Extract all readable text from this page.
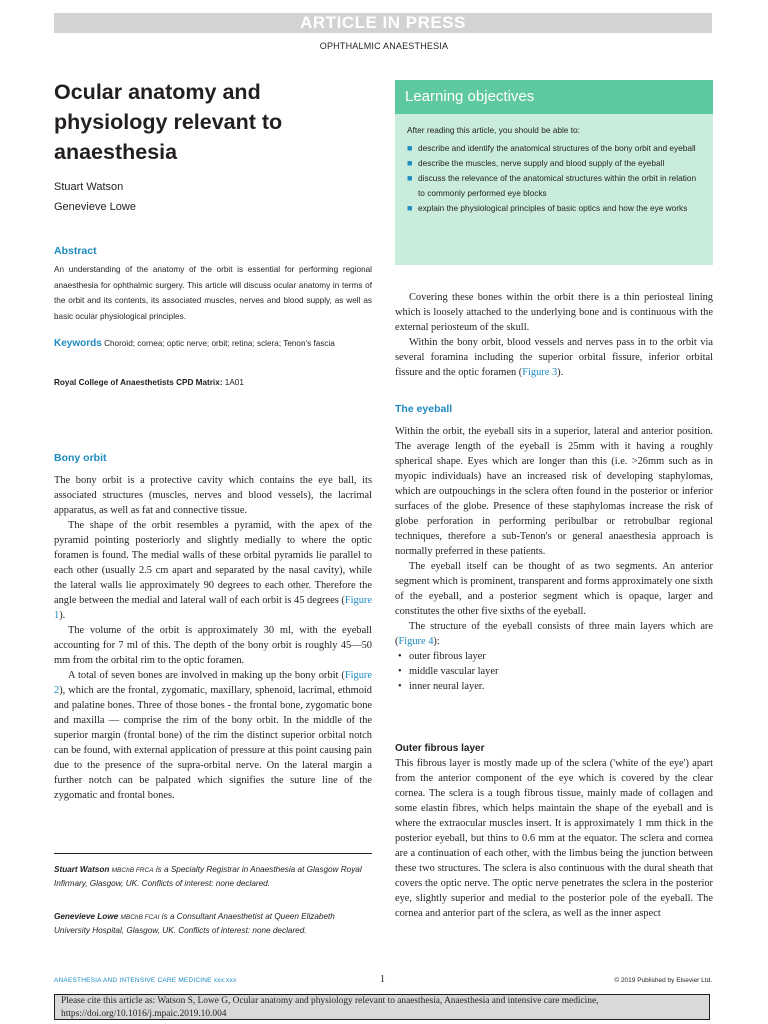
ARTICLE IN PRESS
OPHTHALMIC ANAESTHESIA
Ocular anatomy and physiology relevant to anaesthesia
Stuart Watson
Genevieve Lowe
Abstract
An understanding of the anatomy of the orbit is essential for performing regional anaesthesia for ophthalmic surgery. This article will discuss ocular anatomy in terms of the orbit and its contents, its associated muscles, nerves and blood supply, as well as basic ocular physiological principles.
Keywords Choroid; cornea; optic nerve; orbit; retina; sclera; Tenon's fascia
Royal College of Anaesthetists CPD Matrix: 1A01
Learning objectives
After reading this article, you should be able to:
■ describe and identify the anatomical structures of the bony orbit and eyeball
■ describe the muscles, nerve supply and blood supply of the eyeball
■ discuss the relevance of the anatomical structures within the orbit in relation to commonly performed eye blocks
■ explain the physiological principles of basic optics and how the eye works
Bony orbit

The bony orbit is a protective cavity which contains the eye ball, its associated structures (muscles, nerves and blood vessels), the lacrimal apparatus, as well as fat and connective tissue.

The shape of the orbit resembles a pyramid, with the apex of the pyramid pointing posteriorly and slightly medially to where the optic foramen is found. The medial walls of these orbital pyramids lie parallel to each other (usually 2.5 cm apart and separated by the nasal cavity), while the lateral walls lie approximately 90 degrees to each other. Therefore the angle between the medial and lateral wall of each orbit is 45 degrees (Figure 1).

The volume of the orbit is approximately 30 ml, with the eyeball accounting for 7 ml of this. The depth of the bony orbit is roughly 45—50 mm from the orbital rim to the optic foramen.

A total of seven bones are involved in making up the bony orbit (Figure 2), which are the frontal, zygomatic, maxillary, sphenoid, lacrimal, ethmoid and palatine bones. Three of those bones - the frontal bone, zygomatic bone and maxilla — comprise the rim of the bony orbit. In the middle of the superior margin (frontal bone) of the rim the distinct superior orbital notch can be found, with external application of pressure at this point causing pain due to the presence of the supra-orbital nerve. On the lateral margin a further notch can be palpated which signifies the suture line of the zygomatic and frontal bones.

Stuart Watson MBChB FRCA is a Specialty Registrar in Anaesthesia at Glasgow Royal Infirmary, Glasgow, UK. Conflicts of interest: none declared.
Genevieve Lowe MBChB FCAI is a Consultant Anaesthetist at Queen Elizabeth University Hospital, Glasgow, UK. Conflicts of interest: none declared.

Covering these bones within the orbit there is a thin periosteal lining which is loosely attached to the underlying bone and is continuous with the external periosteum of the skull.

Within the bony orbit, blood vessels and nerves pass in to the orbit via several foramina including the superior orbital fissure, inferior orbital fissure and the optic foramen (Figure 3).

The eyeball

Within the orbit, the eyeball sits in a superior, lateral and anterior position. The average length of the eyeball is 25mm with it having a roughly spherical shape. Eyes which are longer than this (i.e. >26mm such as in myopic individuals) have an increased risk of developing staphylomas, which are outpouchings in the sclera often found in the posterior or inferior surfaces of the globe. Presence of these staphylomas increase the risk of globe perforation in performing peribulbar or retrobulbar regional techniques, therefore a sub-Tenon's or general anaesthesia approach is normally preferred in these patients.

The eyeball itself can be thought of as two segments. An anterior segment which is prominent, transparent and forms approximately one sixth of the eyeball, and a posterior segment which is opaque, larger and constitutes the other five sixths of the eyeball.

The structure of the eyeball consists of three main layers which are (Figure 4):

• outer fibrous layer
• middle vascular layer
• inner neural layer.
Outer fibrous layer

This fibrous layer is mostly made up of the sclera ('white of the eye') apart from the anterior component of the eye which is covered by the clear cornea. The sclera is a tough fibrous tissue, mainly made of collagen and some elastin fibres, which helps maintain the shape of the eyeball and is where the extraocular muscles insert. It is approximately 1 mm thick in the posterior eyeball, but thins to 0.6 mm at the equator. The sclera and cornea are a continuation of each other, with the limbus being the junction between these two structures. The sclera is also continuous with the dural sheath that covers the optic nerve. The optic nerve penetrates the sclera in the posterior eye, slightly superior and medial to the posterior pole of the eyeball. The cornea and anterior part of the sclera, as well as the inner aspect

ANAESTHESIA AND INTENSIVE CARE MEDICINE xxx:xxx	1	© 2019 Published by Elsevier Ltd.
Please cite this article as: Watson S, Lowe G, Ocular anatomy and physiology relevant to anaesthesia, Anaesthesia and intensive care medicine,
https://doi.org/10.1016/j.mpaic.2019.10.004
